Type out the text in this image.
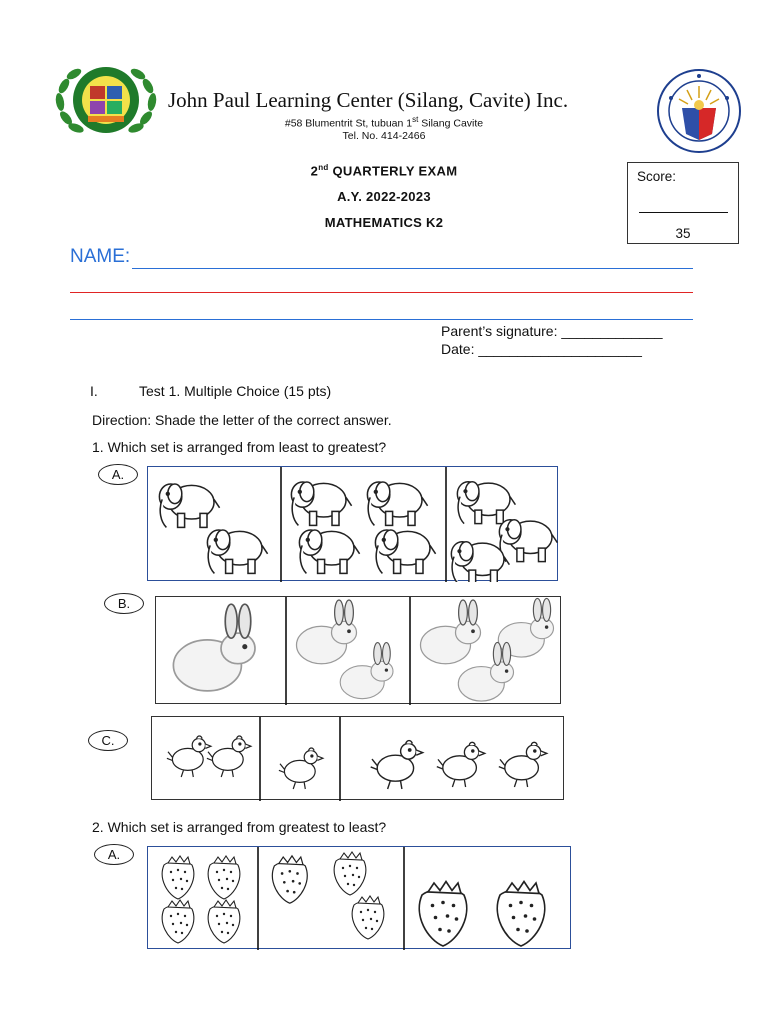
John Paul Learning Center (Silang, Cavite) Inc.
#58 Blumentrit St, tubuan 1st Silang Cavite
Tel. No. 414-2466
2nd QUARTERLY EXAM
A.Y. 2022-2023
MATHEMATICS K2
Score:
35
NAME:
Parent’s signature: _____________
Date: _____________________
I.	Test 1. Multiple Choice (15 pts)
Direction: Shade the letter of the correct answer.
1. Which set is arranged from least to greatest?
A.
B.
C.
2. Which set is arranged from greatest to least?
A.
